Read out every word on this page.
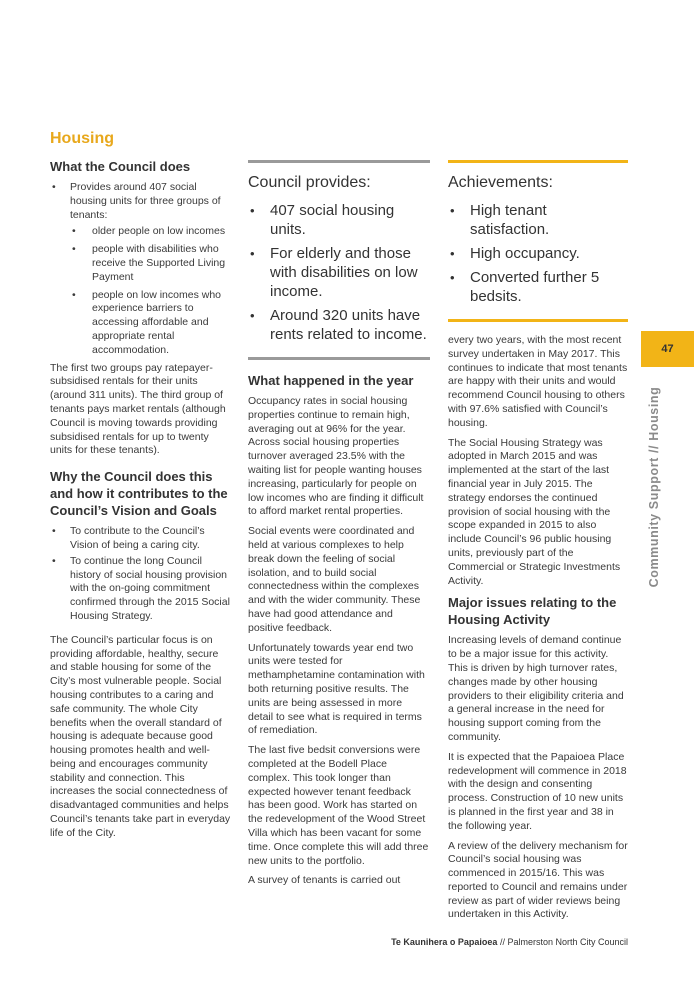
Housing
What the Council does
• Provides around 407 social housing units for three groups of tenants:
• older people on low incomes
• people with disabilities who receive the Supported Living Payment
• people on low incomes who experience barriers to accessing affordable and appropriate rental accommodation.

The first two groups pay ratepayer-subsidised rentals for their units (around 311 units). The third group of tenants pays market rentals (although Council is moving towards providing subsidised rentals for up to twenty units for these tenants).

Why the Council does this and how it contributes to the Council’s Vision and Goals
• To contribute to the Council’s Vision of being a caring city.
• To continue the long Council history of social housing provision with the on-going commitment confirmed through the 2015 Social Housing Strategy.

The Council’s particular focus is on providing affordable, healthy, secure and stable housing for some of the City’s most vulnerable people. Social housing contributes to a caring and safe community. The whole City benefits when the overall standard of housing is adequate because good housing promotes health and well-being and encourages community stability and connection. This increases the social connectedness of disadvantaged communities and helps Council’s tenants take part in everyday life of the City.

Council provides:
• 407 social housing units.
• For elderly and those with disabilities on low income.
• Around 320 units have rents related to income.
What happened in the year

Occupancy rates in social housing properties continue to remain high, averaging out at 96% for the year. Across social housing properties turnover averaged 23.5% with the waiting list for people wanting houses increasing, particularly for people on low incomes who are finding it difficult to afford market rental properties.

Social events were coordinated and held at various complexes to help break down the feeling of social isolation, and to build social connectedness within the complexes and with the wider community. These have had good attendance and positive feedback.

Unfortunately towards year end two units were tested for methamphetamine contamination with both returning positive results. The units are being assessed in more detail to see what is required in terms of remediation.

The last five bedsit conversions were completed at the Bodell Place complex. This took longer than expected however tenant feedback has been good. Work has started on the redevelopment of the Wood Street Villa which has been vacant for some time. Once complete this will add three new units to the portfolio.

A survey of tenants is carried out

Achievements:
• High tenant satisfaction.
• High occupancy.
• Converted further 5 bedsits.

every two years, with the most recent survey undertaken in May 2017. This continues to indicate that most tenants are happy with their units and would recommend Council housing to others with 97.6% satisfied with Council’s housing.

The Social Housing Strategy was adopted in March 2015 and was implemented at the start of the last financial year in July 2015. The strategy endorses the continued provision of social housing with the scope expanded in 2015 to also include Council’s 96 public housing units, previously part of the Commercial or Strategic Investments Activity.

Major issues relating to the Housing Activity

Increasing levels of demand continue to be a major issue for this activity. This is driven by high turnover rates, changes made by other housing providers to their eligibility criteria and a general increase in the need for housing support coming from the community.

It is expected that the Papaioea Place redevelopment will commence in 2018 with the design and consenting process. Construction of 10 new units is planned in the first year and 38 in the following year.

A review of the delivery mechanism for Council’s social housing was commenced in 2015/16. This was reported to Council and remains under review as part of wider reviews being undertaken in this Activity.

47
Community Support // Housing
Te Kaunihera o Papaioea // Palmerston North City Council
